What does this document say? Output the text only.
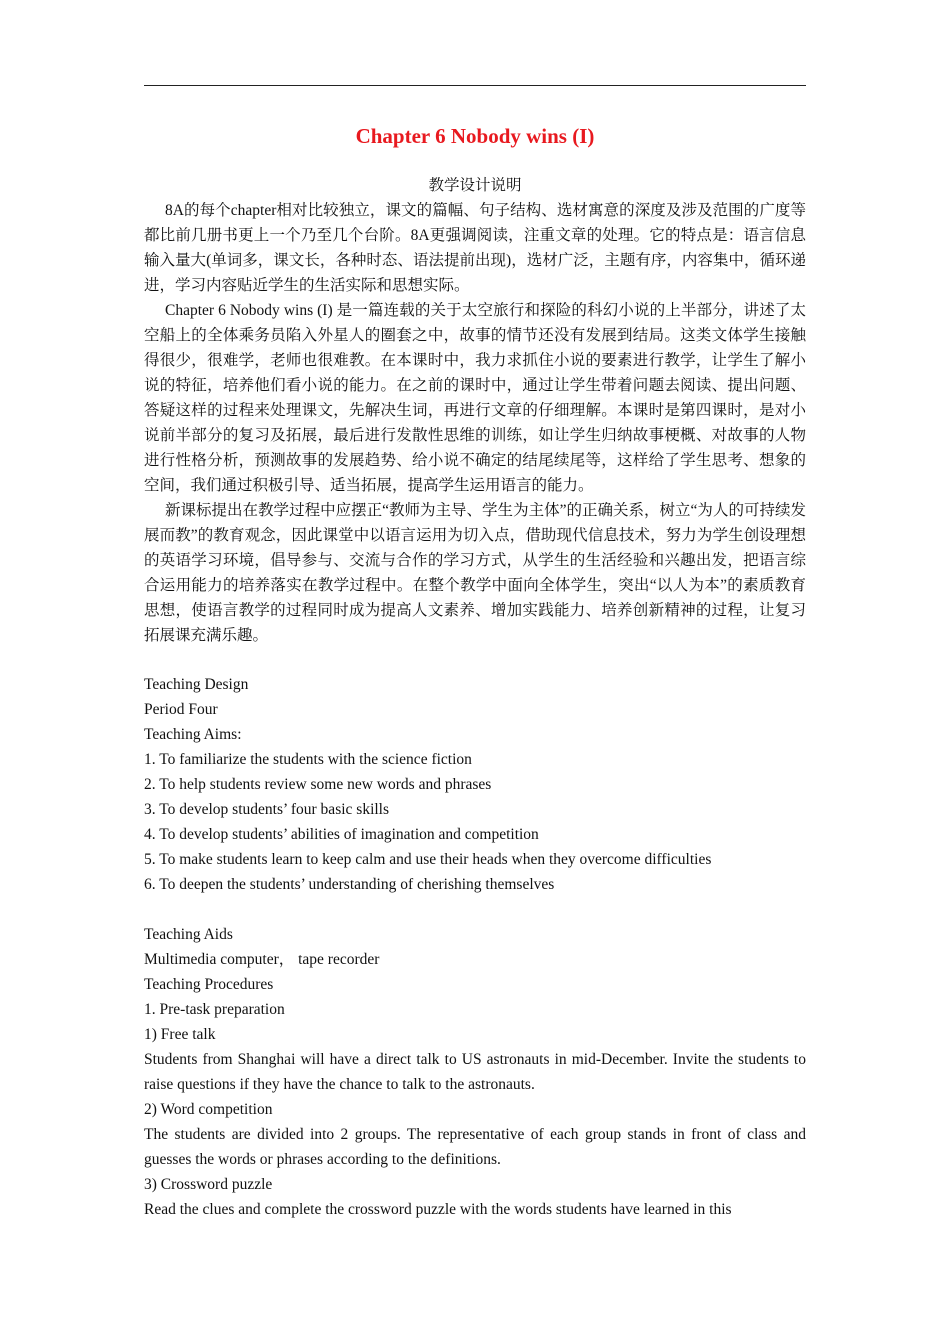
Chapter 6 Nobody wins (I)
教学设计说明

8A的每个chapter相对比较独立，课文的篇幅、句子结构、选材寓意的深度及涉及范围的广度等都比前几册书更上一个乃至几个台阶。8A更强调阅读，注重文章的处理。它的特点是：语言信息输入量大(单词多，课文长，各种时态、语法提前出现)，选材广泛，主题有序，内容集中，循环递进，学习内容贴近学生的生活实际和思想实际。

Chapter 6 Nobody wins (I) 是一篇连载的关于太空旅行和探险的科幻小说的上半部分，讲述了太空船上的全体乘务员陷入外星人的圈套之中，故事的情节还没有发展到结局。这类文体学生接触得很少，很难学，老师也很难教。在本课时中，我力求抓住小说的要素进行教学，让学生了解小说的特征，培养他们看小说的能力。在之前的课时中，通过让学生带着问题去阅读、提出问题、答疑这样的过程来处理课文，先解决生词，再进行文章的仔细理解。本课时是第四课时，是对小说前半部分的复习及拓展，最后进行发散性思维的训练，如让学生归纳故事梗概、对故事的人物进行性格分析，预测故事的发展趋势、给小说不确定的结尾续尾等，这样给了学生思考、想象的空间，我们通过积极引导、适当拓展，提高学生运用语言的能力。

新课标提出在教学过程中应摆正“教师为主导、学生为主体”的正确关系，树立“为人的可持续发展而教”的教育观念，因此课堂中以语言运用为切入点，借助现代信息技术，努力为学生创设理想的英语学习环境，倡导参与、交流与合作的学习方式，从学生的生活经验和兴趣出发，把语言综合运用能力的培养落实在教学过程中。在整个教学中面向全体学生，突出“以人为本”的素质教育思想，使语言教学的过程同时成为提高人文素养、增加实践能力、培养创新精神的过程，让复习拓展课充满乐趣。

Teaching Design
Period Four
Teaching Aims:
1. To familiarize the students with the science fiction
2. To help students review some new words and phrases
3. To develop students’ four basic skills
4. To develop students’ abilities of imagination and competition
5. To make students learn to keep calm and use their heads when they overcome difficulties
6. To deepen the students’ understanding of cherishing themselves
Teaching Aids
Multimedia computer， tape recorder
Teaching Procedures
1. Pre-task preparation
1) Free talk
Students from Shanghai will have a direct talk to US astronauts in mid-December. Invite the students to raise questions if they have the chance to talk to the astronauts.
2) Word competition
The students are divided into 2 groups. The representative of each group stands in front of class and guesses the words or phrases according to the definitions.
3) Crossword puzzle
Read the clues and complete the crossword puzzle with the words students have learned in this
